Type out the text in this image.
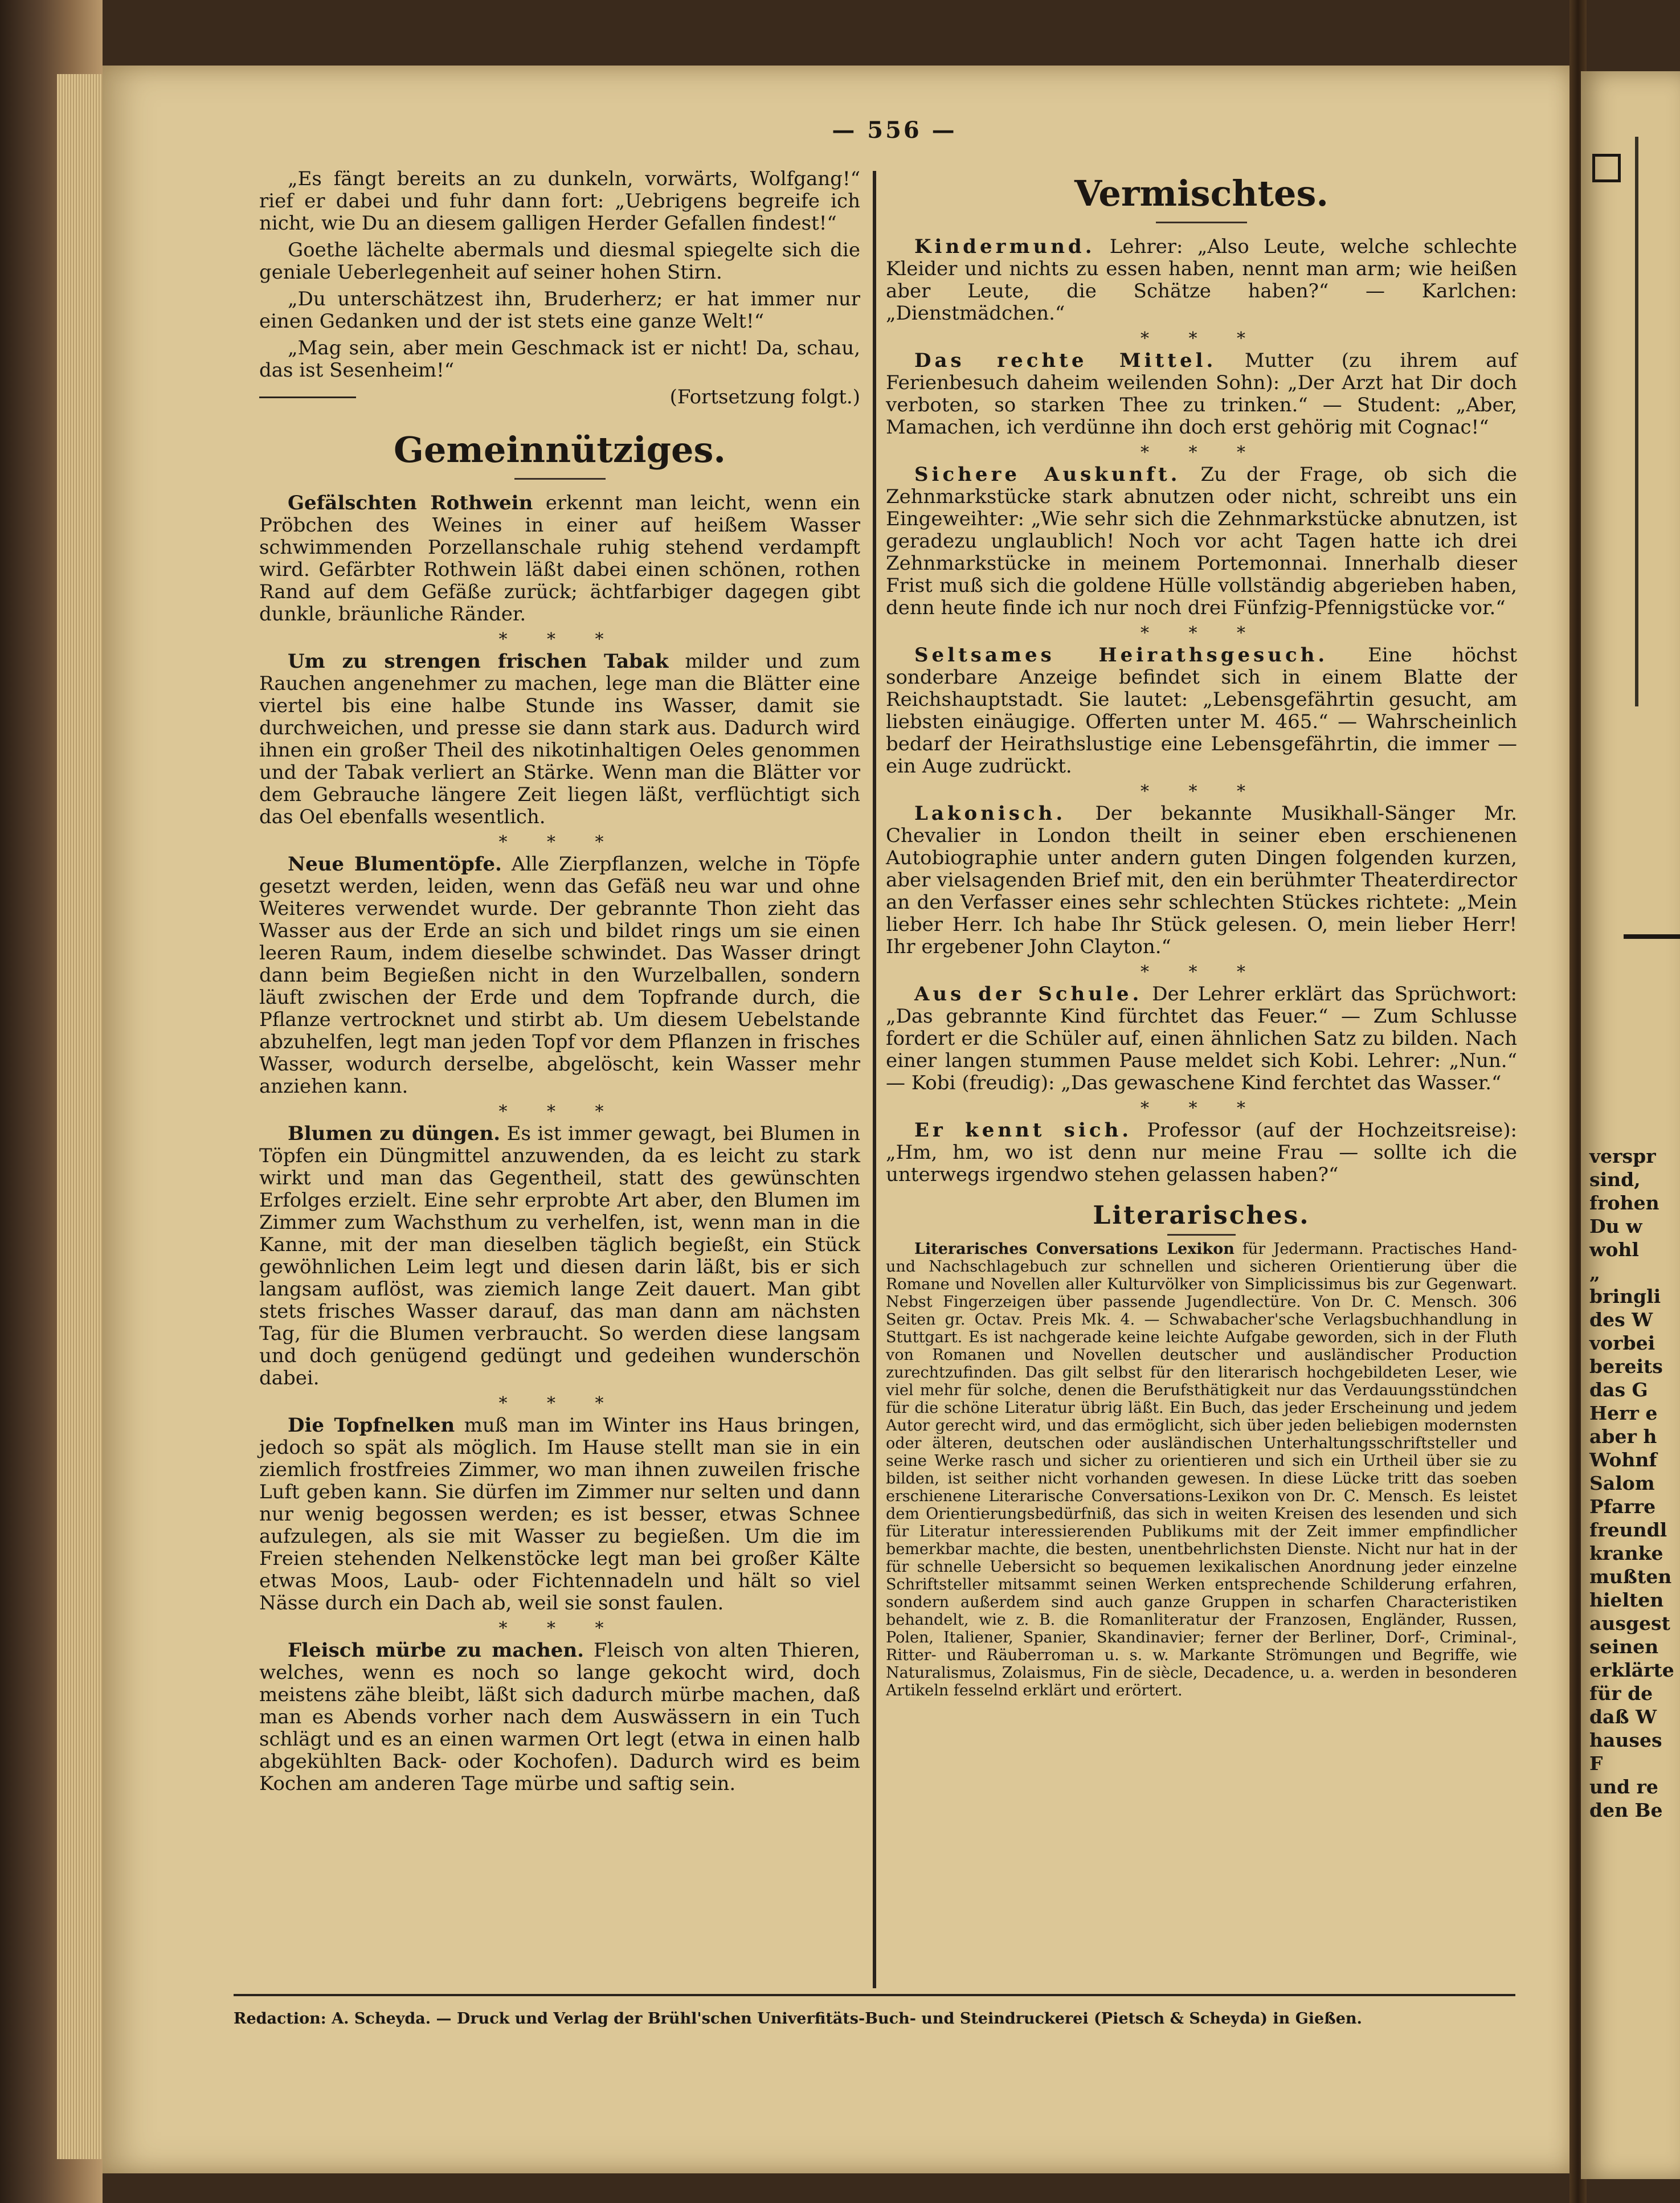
verspr
sind,
frohen
Du w
wohl
„
bringli
des W
vorbei
bereits
das G
Herr e
aber h
Wohnf
Salom
Pfarre
freundl
kranke
mußten
hielten
ausgest
seinen
erklärte
für de
daß W
hauses
F
und re
den Be
— 556 —

„Es fängt bereits an zu dunkeln, vorwärts, Wolfgang!“ rief er dabei und fuhr dann fort: „Uebrigens begreife ich nicht, wie Du an diesem galligen Herder Gefallen findest!“

Goethe lächelte abermals und diesmal spiegelte sich die geniale Ueberlegenheit auf seiner hohen Stirn.

„Du unterschätzest ihn, Bruderherz; er hat immer nur einen Gedanken und der ist stets eine ganze Welt!“

„Mag sein, aber mein Geschmack ist er nicht! Da, schau, das ist Sesenheim!“

(Fortsetzung folgt.)
Gemeinnütziges.

Gefälschten Rothwein erkennt man leicht, wenn ein Pröbchen des Weines in einer auf heißem Wasser schwimmenden Porzellanschale ruhig stehend verdampft wird. Gefärbter Rothwein läßt dabei einen schönen, rothen Rand auf dem Gefäße zurück; ächtfarbiger dagegen gibt dunkle, bräunliche Ränder.

* * *

Um zu strengen frischen Tabak milder und zum Rauchen angenehmer zu machen, lege man die Blätter eine viertel bis eine halbe Stunde ins Wasser, damit sie durchweichen, und presse sie dann stark aus. Dadurch wird ihnen ein großer Theil des nikotinhaltigen Oeles genommen und der Tabak verliert an Stärke. Wenn man die Blätter vor dem Gebrauche längere Zeit liegen läßt, verflüchtigt sich das Oel ebenfalls wesentlich.

* * *

Neue Blumentöpfe. Alle Zierpflanzen, welche in Töpfe gesetzt werden, leiden, wenn das Gefäß neu war und ohne Weiteres verwendet wurde. Der gebrannte Thon zieht das Wasser aus der Erde an sich und bildet rings um sie einen leeren Raum, indem dieselbe schwindet. Das Wasser dringt dann beim Begießen nicht in den Wurzelballen, sondern läuft zwischen der Erde und dem Topfrande durch, die Pflanze vertrocknet und stirbt ab. Um diesem Uebelstande abzuhelfen, legt man jeden Topf vor dem Pflanzen in frisches Wasser, wodurch derselbe, abgelöscht, kein Wasser mehr anziehen kann.

* * *

Blumen zu düngen. Es ist immer gewagt, bei Blumen in Töpfen ein Düngmittel anzuwenden, da es leicht zu stark wirkt und man das Gegentheil, statt des gewünschten Erfolges erzielt. Eine sehr erprobte Art aber, den Blumen im Zimmer zum Wachsthum zu verhelfen, ist, wenn man in die Kanne, mit der man dieselben täglich begießt, ein Stück gewöhnlichen Leim legt und diesen darin läßt, bis er sich langsam auflöst, was ziemich lange Zeit dauert. Man gibt stets frisches Wasser darauf, das man dann am nächsten Tag, für die Blumen verbraucht. So werden diese langsam und doch genügend gedüngt und gedeihen wunderschön dabei.

* * *

Die Topfnelken muß man im Winter ins Haus bringen, jedoch so spät als möglich. Im Hause stellt man sie in ein ziemlich frostfreies Zimmer, wo man ihnen zuweilen frische Luft geben kann. Sie dürfen im Zimmer nur selten und dann nur wenig begossen werden; es ist besser, etwas Schnee aufzulegen, als sie mit Wasser zu begießen. Um die im Freien stehenden Nelkenstöcke legt man bei großer Kälte etwas Moos, Laub- oder Fichtennadeln und hält so viel Nässe durch ein Dach ab, weil sie sonst faulen.

* * *

Fleisch mürbe zu machen. Fleisch von alten Thieren, welches, wenn es noch so lange gekocht wird, doch meistens zähe bleibt, läßt sich dadurch mürbe machen, daß man es Abends vorher nach dem Auswässern in ein Tuch schlägt und es an einen warmen Ort legt (etwa in einen halb abgekühlten Back- oder Kochofen). Dadurch wird es beim Kochen am anderen Tage mürbe und saftig sein.

Vermischtes.

Kindermund. Lehrer: „Also Leute, welche schlechte Kleider und nichts zu essen haben, nennt man arm; wie heißen aber Leute, die Schätze haben?“ — Karlchen: „Dienstmädchen.“

* * *

Das rechte Mittel. Mutter (zu ihrem auf Ferienbesuch daheim weilenden Sohn): „Der Arzt hat Dir doch verboten, so starken Thee zu trinken.“ — Student: „Aber, Mamachen, ich verdünne ihn doch erst gehörig mit Cognac!“

* * *

Sichere Auskunft. Zu der Frage, ob sich die Zehnmarkstücke stark abnutzen oder nicht, schreibt uns ein Eingeweihter: „Wie sehr sich die Zehnmarkstücke abnutzen, ist geradezu unglaublich! Noch vor acht Tagen hatte ich drei Zehnmarkstücke in meinem Portemonnai. Innerhalb dieser Frist muß sich die goldene Hülle vollständig abgerieben haben, denn heute finde ich nur noch drei Fünfzig-Pfennigstücke vor.“

* * *

Seltsames Heirathsgesuch. Eine höchst sonderbare Anzeige befindet sich in einem Blatte der Reichshauptstadt. Sie lautet: „Lebensgefährtin gesucht, am liebsten einäugige. Offerten unter M. 465.“ — Wahrscheinlich bedarf der Heirathslustige eine Lebensgefährtin, die immer — ein Auge zudrückt.

* * *

Lakonisch. Der bekannte Musikhall-Sänger Mr. Chevalier in London theilt in seiner eben erschienenen Autobiographie unter andern guten Dingen folgenden kurzen, aber vielsagenden Brief mit, den ein berühmter Theaterdirector an den Verfasser eines sehr schlechten Stückes richtete: „Mein lieber Herr. Ich habe Ihr Stück gelesen. O, mein lieber Herr! Ihr ergebener John Clayton.“

* * *

Aus der Schule. Der Lehrer erklärt das Sprüchwort: „Das gebrannte Kind fürchtet das Feuer.“ — Zum Schlusse fordert er die Schüler auf, einen ähnlichen Satz zu bilden. Nach einer langen stummen Pause meldet sich Kobi. Lehrer: „Nun.“ — Kobi (freudig): „Das gewaschene Kind ferchtet das Wasser.“

* * *

Er kennt sich. Professor (auf der Hochzeitsreise): „Hm, hm, wo ist denn nur meine Frau — sollte ich die unterwegs irgendwo stehen gelassen haben?“

Literarisches.

Literarisches Conversations Lexikon für Jedermann. Practisches Hand- und Nachschlagebuch zur schnellen und sicheren Orientierung über die Romane und Novellen aller Kulturvölker von Simplicissimus bis zur Gegenwart. Nebst Fingerzeigen über passende Jugendlectüre. Von Dr. C. Mensch. 306 Seiten gr. Octav. Preis Mk. 4. — Schwabacher'sche Verlagsbuchhandlung in Stuttgart. Es ist nachgerade keine leichte Aufgabe geworden, sich in der Fluth von Romanen und Novellen deutscher und ausländischer Production zurechtzufinden. Das gilt selbst für den literarisch hochgebildeten Leser, wie viel mehr für solche, denen die Berufsthätigkeit nur das Verdauungsstündchen für die schöne Literatur übrig läßt. Ein Buch, das jeder Erscheinung und jedem Autor gerecht wird, und das ermöglicht, sich über jeden beliebigen modernsten oder älteren, deutschen oder ausländischen Unterhaltungsschriftsteller und seine Werke rasch und sicher zu orientieren und sich ein Urtheil über sie zu bilden, ist seither nicht vorhanden gewesen. In diese Lücke tritt das soeben erschienene Literarische Conversations-Lexikon von Dr. C. Mensch. Es leistet dem Orientierungsbedürfniß, das sich in weiten Kreisen des lesenden und sich für Literatur interessierenden Publikums mit der Zeit immer empfindlicher bemerkbar machte, die besten, unentbehrlichsten Dienste. Nicht nur hat in der für schnelle Uebersicht so bequemen lexikalischen Anordnung jeder einzelne Schriftsteller mitsammt seinen Werken entsprechende Schilderung erfahren, sondern außerdem sind auch ganze Gruppen in scharfen Characteristiken behandelt, wie z. B. die Romanliteratur der Franzosen, Engländer, Russen, Polen, Italiener, Spanier, Skandinavier; ferner der Berliner, Dorf-, Criminal-, Ritter- und Räuberroman u. s. w. Markante Strömungen und Begriffe, wie Naturalismus, Zolaismus, Fin de siècle, Decadence, u. a. werden in besonderen Artikeln fesselnd erklärt und erörtert.

Redaction: A. Scheyda. — Druck und Verlag der Brühl'schen Univerfitäts-Buch- und Steindruckerei (Pietsch & Scheyda) in Gießen.
